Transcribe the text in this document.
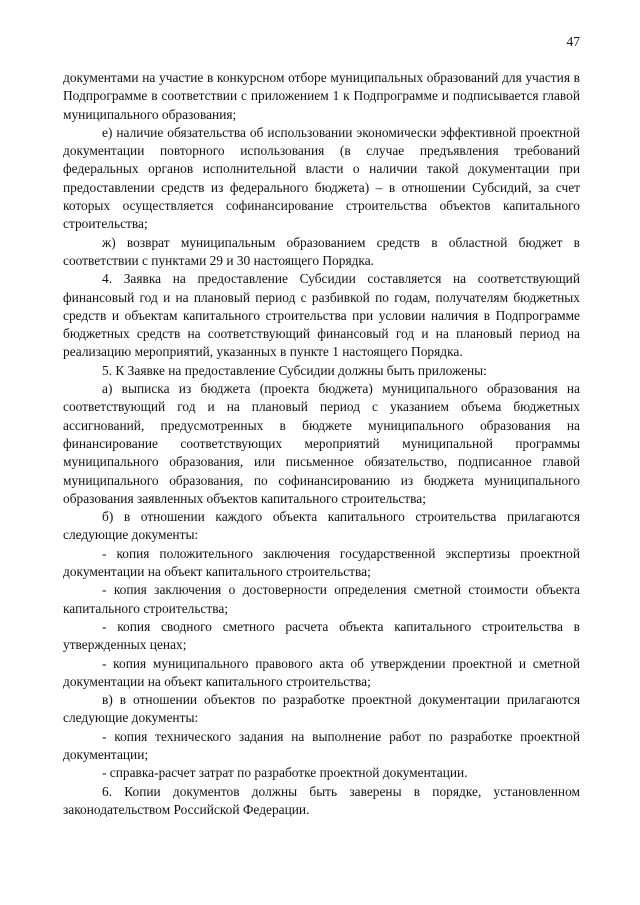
47

документами на участие в конкурсном отборе муниципальных образований для участия в Подпрограмме в соответствии с приложением 1 к Подпрограмме и подписывается главой муниципального образования;

е) наличие обязательства об использовании экономически эффективной проектной документации повторного использования (в случае предъявления требований федеральных органов исполнительной власти о наличии такой документации при предоставлении средств из федерального бюджета) – в отношении Субсидий, за счет которых осуществляется софинансирование строительства объектов капитального строительства;

ж) возврат муниципальным образованием средств в областной бюджет в соответствии с пунктами 29 и 30 настоящего Порядка.

4. Заявка на предоставление Субсидии составляется на соответствующий финансовый год и на плановый период с разбивкой по годам, получателям бюджетных средств и объектам капитального строительства при условии наличия в Подпрограмме бюджетных средств на соответствующий финансовый год и на плановый период на реализацию мероприятий, указанных в пункте 1 настоящего Порядка.

5. К Заявке на предоставление Субсидии должны быть приложены:

а) выписка из бюджета (проекта бюджета) муниципального образования на соответствующий год и на плановый период с указанием объема бюджетных ассигнований, предусмотренных в бюджете муниципального образования на финансирование соответствующих мероприятий муниципальной программы муниципального образования, или письменное обязательство, подписанное главой муниципального образования, по софинансированию из бюджета муниципального образования заявленных объектов капитального строительства;

б) в отношении каждого объекта капитального строительства прилагаются следующие документы:

- копия положительного заключения государственной экспертизы проектной документации на объект капитального строительства;

- копия заключения о достоверности определения сметной стоимости объекта капитального строительства;

- копия сводного сметного расчета объекта капитального строительства в утвержденных ценах;

- копия муниципального правового акта об утверждении проектной и сметной документации на объект капитального строительства;

в) в отношении объектов по разработке проектной документации прилагаются следующие документы:

- копия технического задания на выполнение работ по разработке проектной документации;

- справка-расчет затрат по разработке проектной документации.

6. Копии документов должны быть заверены в порядке, установленном законодательством Российской Федерации.
